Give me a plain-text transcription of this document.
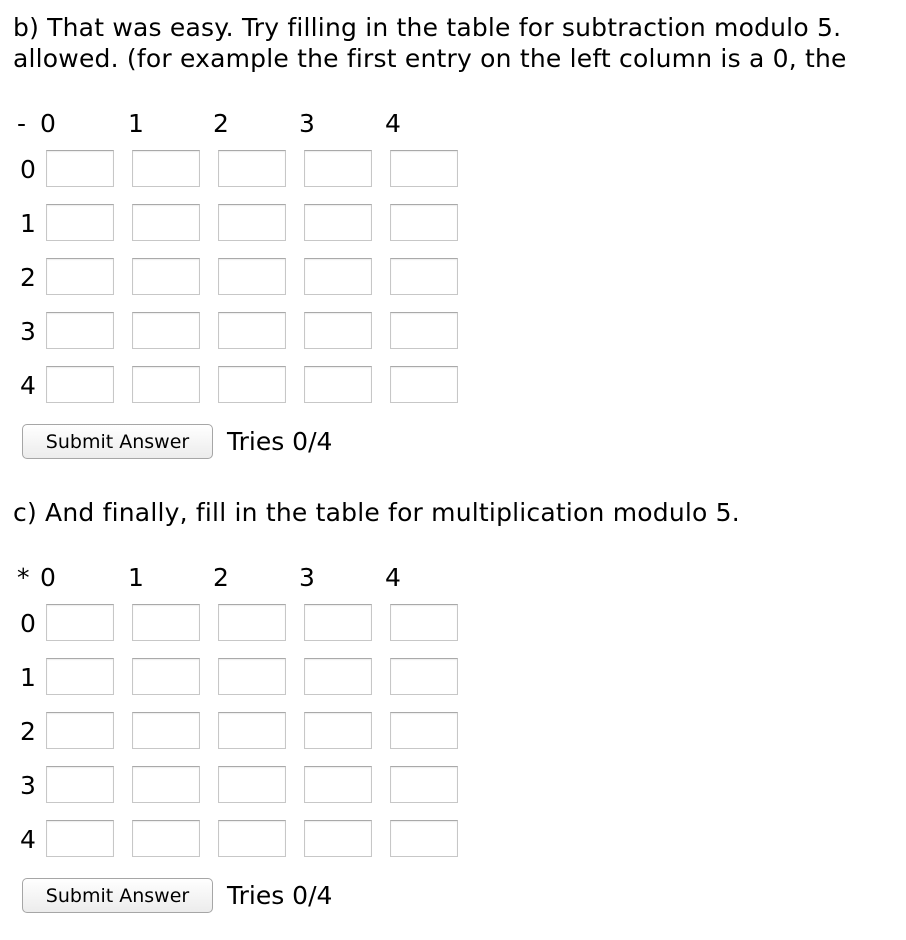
b) That was easy. Try filling in the table for subtraction modulo 5.
allowed. (for example the first entry on the left column is a 0, the
- 0	1	2	3	4
0
1
2
3
4
Submit Answer	Tries 0/4
c) And finally, fill in the table for multiplication modulo 5.
* 0	1	2	3	4
0
1
2
3
4
Submit Answer	Tries 0/4
